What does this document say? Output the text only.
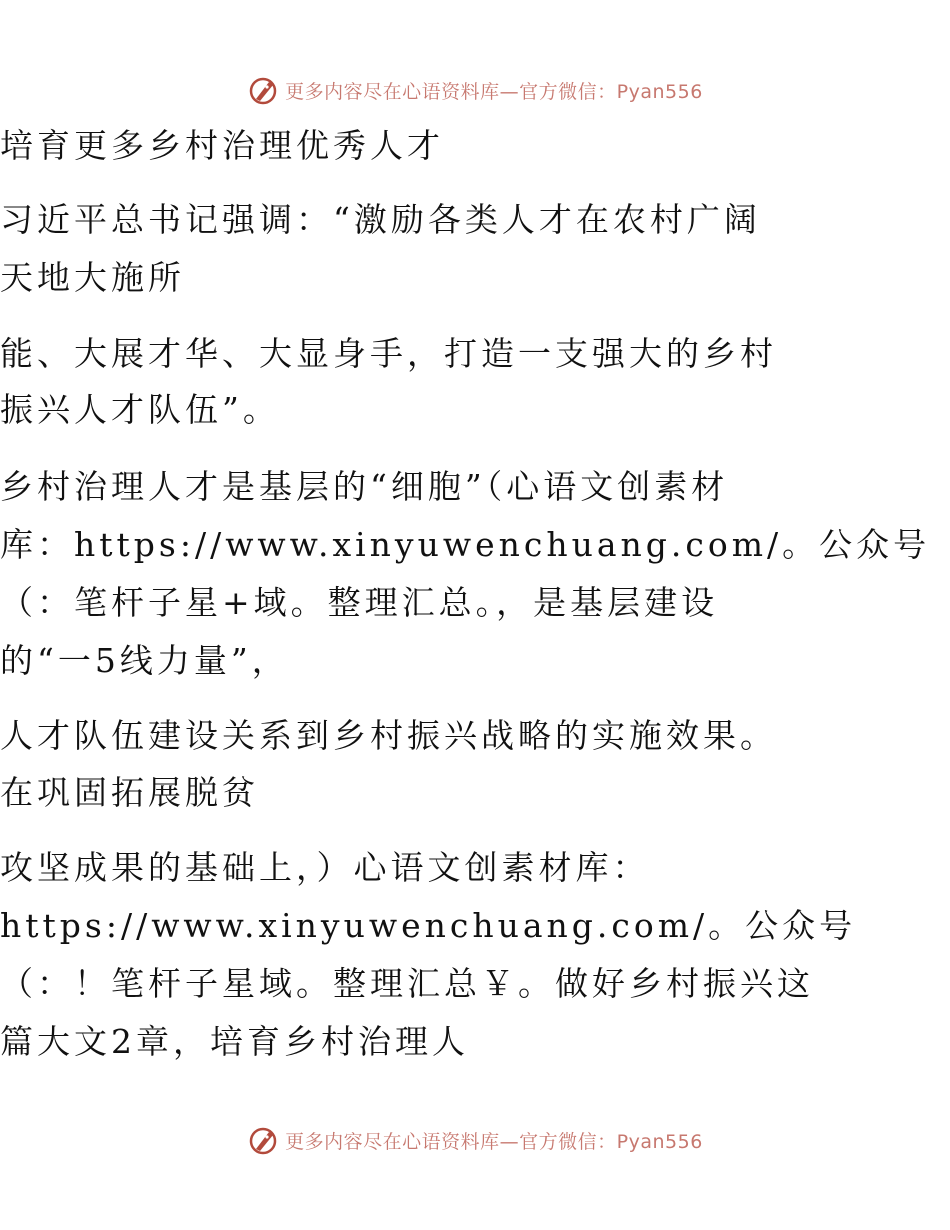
更多内容尽在心语资料库—官方微信：Pyan556
培育更多乡村治理优秀人才
习近平总书记强调：“激励各类人才在农村广阔
天地大施所
能、大展才华、大显身手，打造一支强大的乡村
振兴人才队伍”。
乡村治理人才是基层的“细胞”（心语文创素材
库：https://www.xinyuwenchuang.com/。公众号
（：笔杆子星+域。整理汇总。，是基层建设
的“一5线力量”，
人才队伍建设关系到乡村振兴战略的实施效果。
在巩固拓展脱贫
攻坚成果的基础上，）心语文创素材库：
https://www.xinyuwenchuang.com/。公众号
（：！笔杆子星域。整理汇总￥。做好乡村振兴这
篇大文2章，培育乡村治理人
更多内容尽在心语资料库—官方微信：Pyan556
